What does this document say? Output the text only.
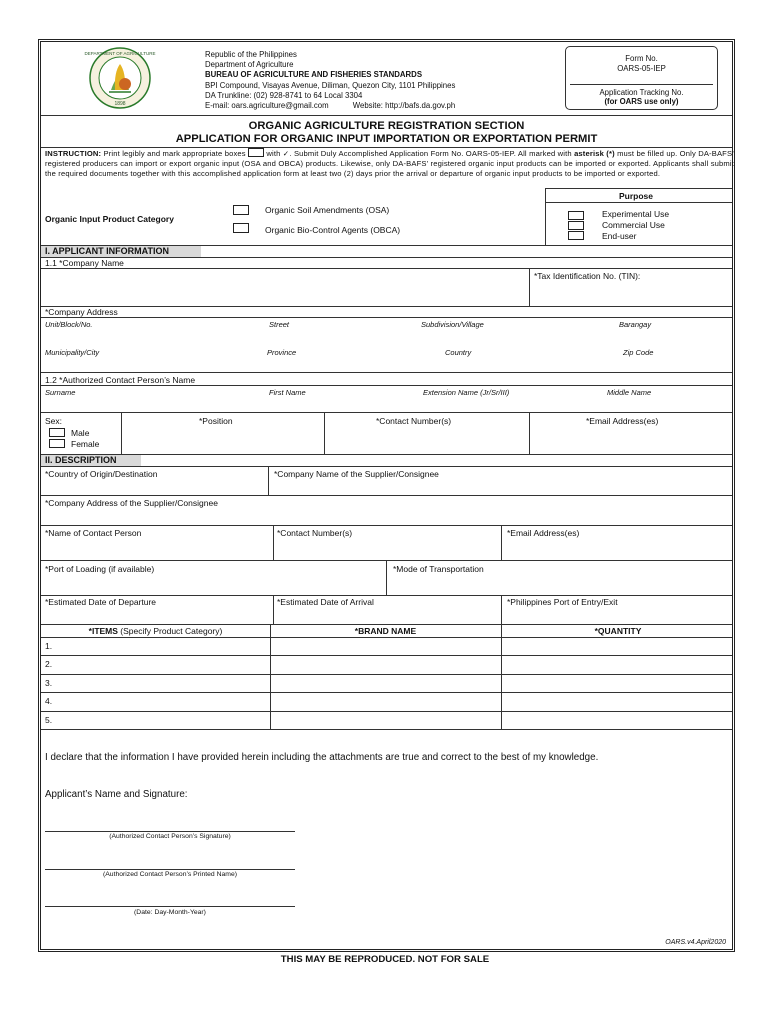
DEPARTMENT OF AGRICULTURE
1898
Republic of the Philippines
Department of Agriculture
BUREAU OF AGRICULTURE AND FISHERIES STANDARDS
BPI Compound, Visayas Avenue, Diliman, Quezon City, 1101 Philippines
DA Trunkline: (02) 928-8741 to 64 Local 3304
E-mail: oars.agriculture@gmail.com	Website: http://bafs.da.gov.ph
Form No.
OARS-05-IEP
Application Tracking No.
(for OARS use only)
ORGANIC AGRICULTURE REGISTRATION SECTION
APPLICATION FOR ORGANIC INPUT IMPORTATION OR EXPORTATION PERMIT
INSTRUCTION: Print legibly and mark appropriate boxes  with ✓. Submit Duly Accomplished Application Form No. OARS-05-IEP. All marked with asterisk (*) must be filled up. Only DA-BAFS’ registered producers can import or export organic input (OSA and OBCA) products. Likewise, only DA-BAFS’ registered organic input products can be imported or exported. Applicants shall submit the required documents together with this accomplished application form at least two (2) days prior the arrival or departure of organic input products to be imported or exported.
Purpose
Organic Input Product Category
Organic Soil Amendments (OSA)
Organic Bio-Control Agents (OBCA)
Experimental Use
Commercial Use
End-user
I. APPLICANT INFORMATION
1.1 *Company Name
*Tax Identification No. (TIN):
*Company Address
Unit/Block/No.	Street	Subdivision/Village	Barangay
Municipality/City	Province	Country	Zip Code
1.2 *Authorized Contact Person’s Name
Surname	First Name	Extension Name (Jr/Sr/III)	Middle Name
Sex:
Male
Female
*Position	*Contact Number(s)	*Email Address(es)
II. DESCRIPTION
*Country of Origin/Destination	*Company Name of the Supplier/Consignee
*Company Address of the Supplier/Consignee
*Name of Contact Person	*Contact Number(s)	*Email Address(es)
*Port of Loading (if available)	*Mode of Transportation
*Estimated Date of Departure	*Estimated Date of Arrival	*Philippines Port of Entry/Exit
*ITEMS (Specify Product Category)	*BRAND NAME	*QUANTITY
1.
2.
3.
4.
5.
I declare that the information I have provided herein including the attachments are true and correct to the best of my knowledge.
Applicant’s Name and Signature:
(Authorized Contact Person’s Signature)
(Authorized Contact Person’s Printed Name)
(Date: Day-Month-Year)
OARS.v4.April2020
THIS MAY BE REPRODUCED. NOT FOR SALE
